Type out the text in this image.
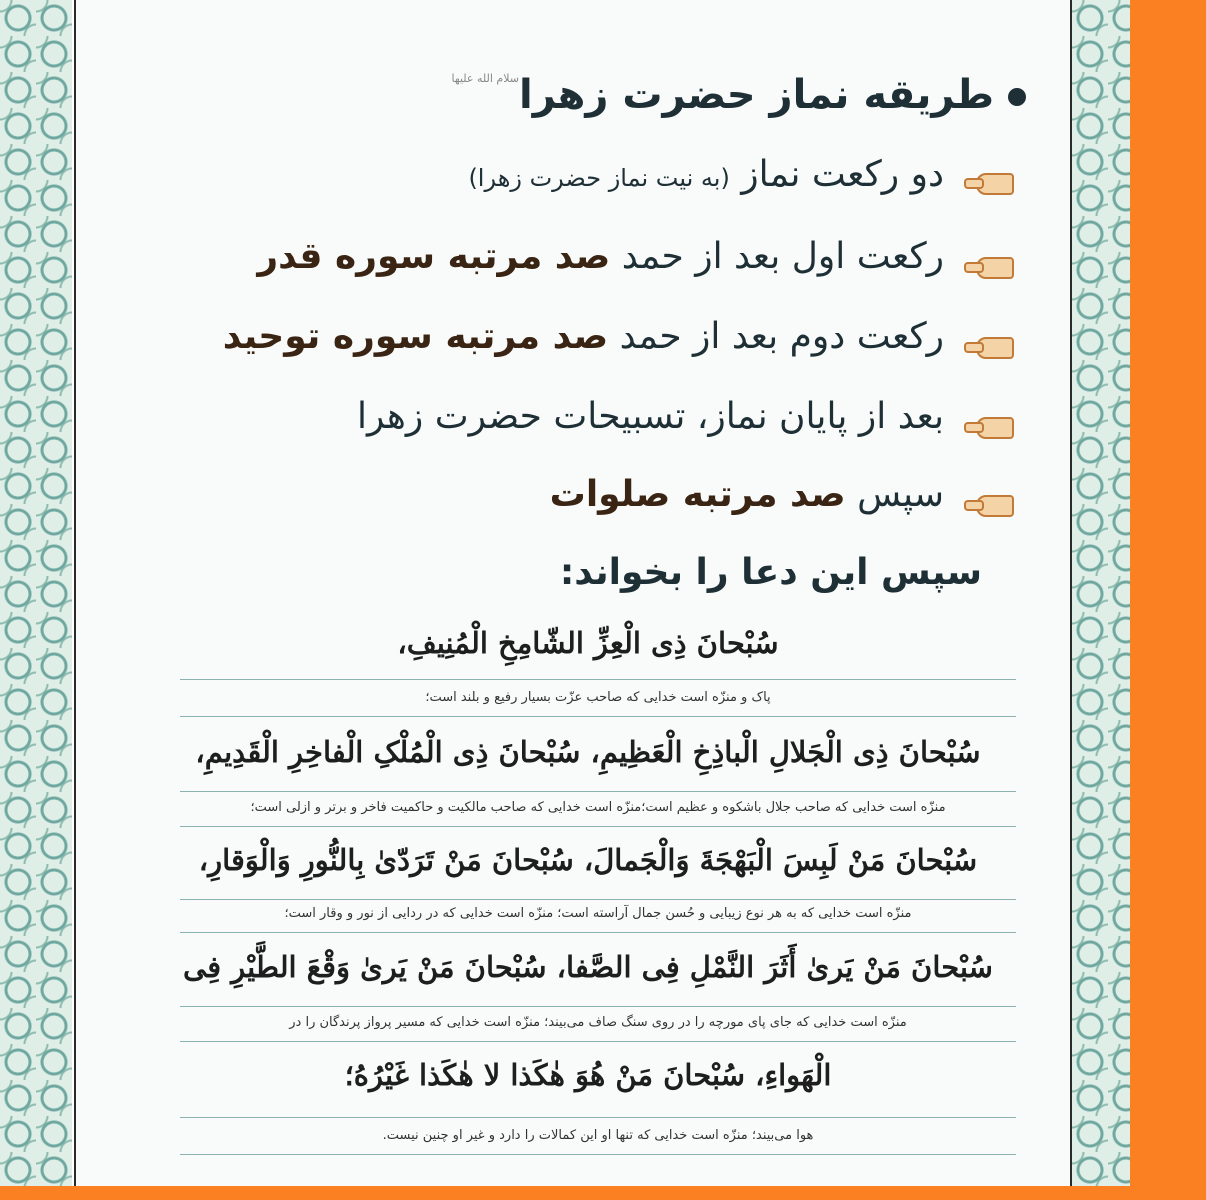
طریقه نماز حضرت زهرا$^{سلام الله علیها}$
دو رکعت نماز (به نیت نماز حضرت زهرا)
رکعت اول بعد از حمد صد مرتبه سوره قدر
رکعت دوم بعد از حمد صد مرتبه سوره توحید
بعد از پایان نماز، تسبیحات حضرت زهرا
سپس صد مرتبه صلوات
سپس این دعا را بخواند:
سُبْحانَ ذِی الْعِزِّ الشّامِخِ الْمُنِیفِ،
پاک و منزّه است خدایی که صاحب عزّت بسیار رفیع و بلند است؛
سُبْحانَ ذِی الْجَلالِ الْباذِخِ الْعَظِیمِ، سُبْحانَ ذِی الْمُلْکِ الْفاخِرِ الْقَدِیمِ،
منزّه است خدایی که صاحب جلال باشکوه و عظیم است؛منزّه است خدایی که صاحب مالکیت و حاکمیت فاخر و برتر و ازلی است؛
سُبْحانَ مَنْ لَبِسَ الْبَهْجَةَ وَالْجَمالَ، سُبْحانَ مَنْ تَرَدّیٰ بِالنُّورِ وَالْوَقارِ،
منزّه است خدایی که به هر نوع زیبایی و حُسن جمال آراسته است؛ منزّه است خدایی که در ردایی از نور و وقار است؛
سُبْحانَ مَنْ یَریٰ أَثَرَ النَّمْلِ فِی الصَّفا، سُبْحانَ مَنْ یَریٰ وَقْعَ الطَّیْرِ فِی
منزّه است خدایی که جای پای مورچه را در روی سنگ صاف می‌بیند؛ منزّه است خدایی که مسیر پرواز پرندگان را در
الْهَواءِ، سُبْحانَ مَنْ هُوَ هٰکَذا لا هٰکَذا غَیْرُهُ؛
هوا می‌بیند؛ منزّه است خدایی که تنها او این کمالات را دارد و غیر او چنین نیست.
